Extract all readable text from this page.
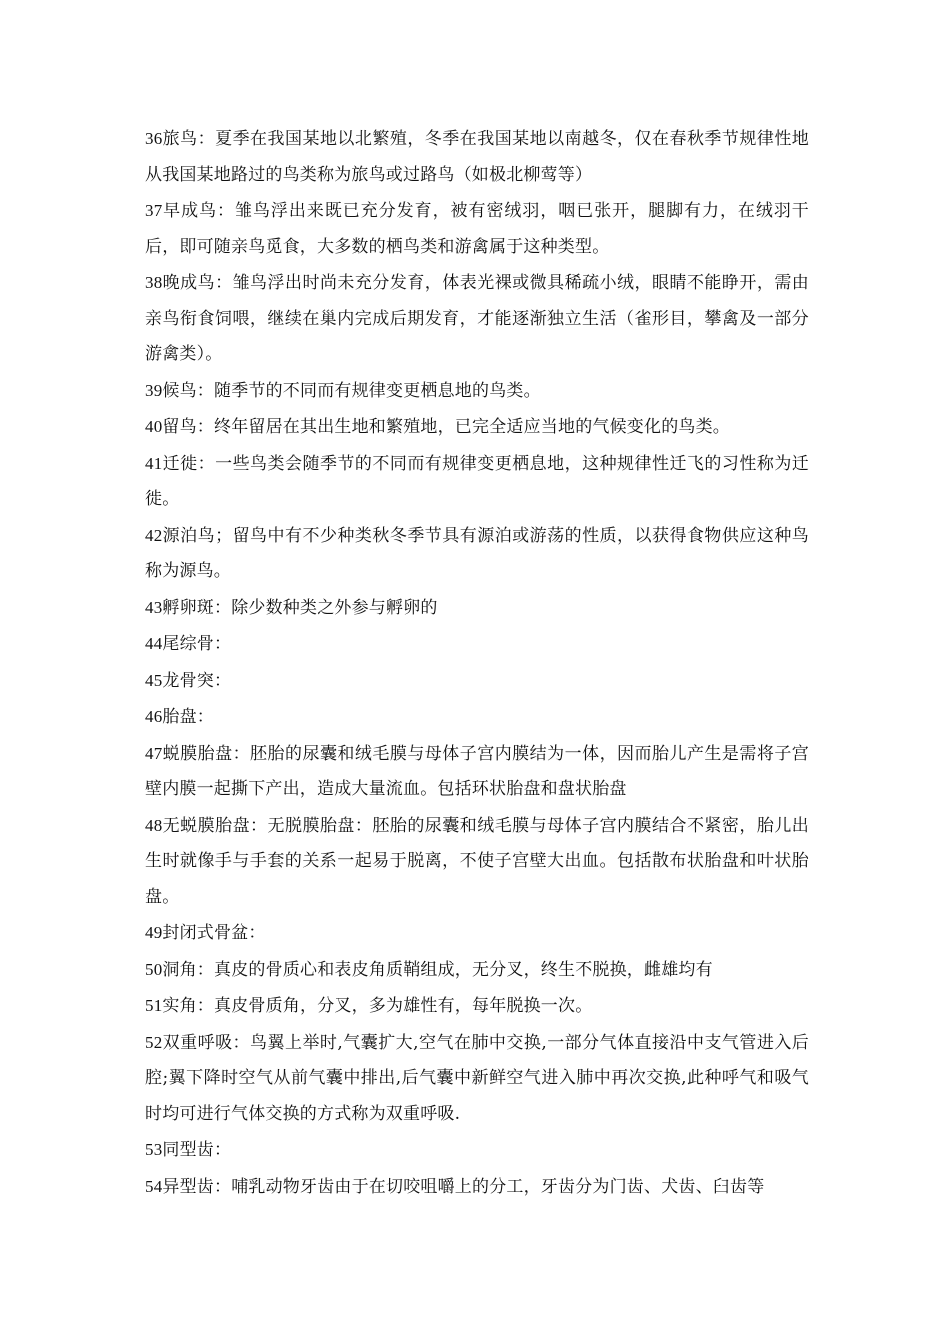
36旅鸟：夏季在我国某地以北繁殖，冬季在我国某地以南越冬，仅在春秋季节规律性地从我国某地路过的鸟类称为旅鸟或过路鸟（如极北柳莺等）

37早成鸟：雏鸟浮出来既已充分发育，被有密绒羽，咽已张开，腿脚有力，在绒羽干后，即可随亲鸟觅食，大多数的栖鸟类和游禽属于这种类型。

38晚成鸟：雏鸟浮出时尚未充分发育，体表光裸或微具稀疏小绒，眼睛不能睁开，需由亲鸟衔食饲喂，继续在巢内完成后期发育，才能逐渐独立生活（雀形目，攀禽及一部分游禽类）。

39候鸟：随季节的不同而有规律变更栖息地的鸟类。

40留鸟：终年留居在其出生地和繁殖地，已完全适应当地的气候变化的鸟类。

41迁徙：一些鸟类会随季节的不同而有规律变更栖息地，这种规律性迁飞的习性称为迁徙。

42源泊鸟；留鸟中有不少种类秋冬季节具有源泊或游荡的性质，以获得食物供应这种鸟称为源鸟。

43孵卵斑：除少数种类之外参与孵卵的

44尾综骨：

45龙骨突：

46胎盘：

47蜕膜胎盘：胚胎的尿囊和绒毛膜与母体子宫内膜结为一体，因而胎儿产生是需将子宫壁内膜一起撕下产出，造成大量流血。包括环状胎盘和盘状胎盘

48无蜕膜胎盘：无脱膜胎盘：胚胎的尿囊和绒毛膜与母体子宫内膜结合不紧密，胎儿出生时就像手与手套的关系一起易于脱离，不使子宫壁大出血。包括散布状胎盘和叶状胎盘。

49封闭式骨盆：

50洞角：真皮的骨质心和表皮角质鞘组成，无分叉，终生不脱换，雌雄均有

51实角：真皮骨质角，分叉，多为雄性有，每年脱换一次。

52双重呼吸：鸟翼上举时,气囊扩大,空气在肺中交换,一部分气体直接沿中支气管进入后腔;翼下降时空气从前气囊中排出,后气囊中新鲜空气进入肺中再次交换,此种呼气和吸气时均可进行气体交换的方式称为双重呼吸.

53同型齿：

54异型齿：哺乳动物牙齿由于在切咬咀嚼上的分工，牙齿分为门齿、犬齿、臼齿等
